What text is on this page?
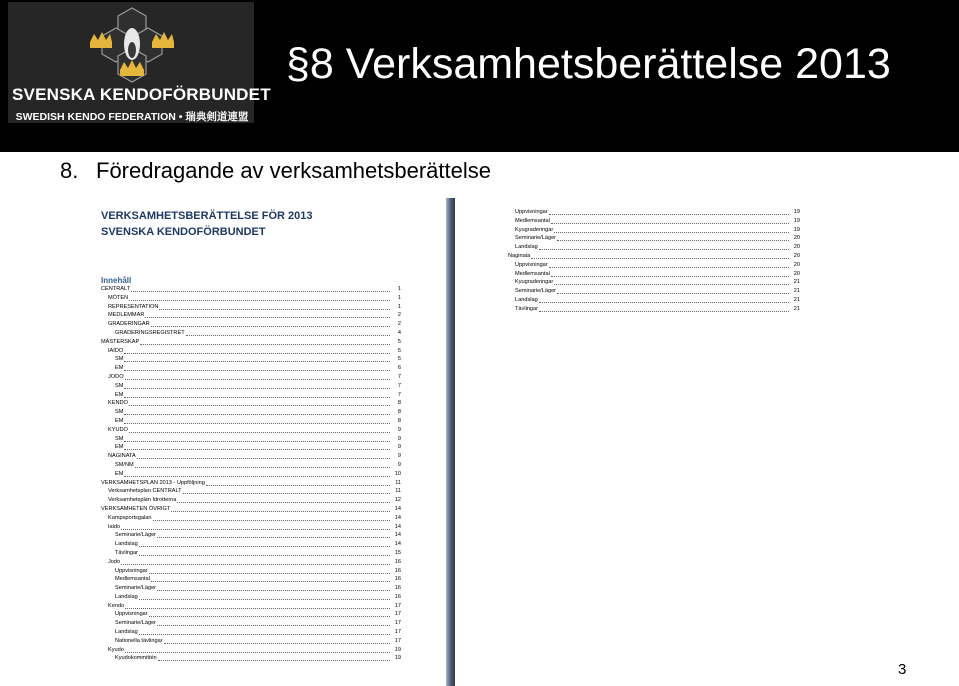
SVENSKA KENDOFÖRBUNDET
SWEDISH KENDO FEDERATION • 瑞典剣道連盟
§8 Verksamhetsberättelse 2013
8. Föredragande av verksamhetsberättelse
VERKSAMHETSBERÄTTELSE FÖR 2013
SVENSKA KENDOFÖRBUNDET
Innehåll
CENTRALT	1
MÖTEN	1
REPRESENTATION	1
MEDLEMMAR	2
GRADERINGAR	2
GRADERINGSREGISTRET	4
MÄSTERSKAP	5
IAIDO	5
SM	5
EM	6
JODO	7
SM	7
EM	7
KENDO	8
SM	8
EM	8
KYUDO	9
SM	9
EM	9
NAGINATA	9
SM/NM	9
EM	10
VERKSAMHETSPLAN 2013 - Uppföljning	11
Verksamhetsplan CENTRALT	11
Verksamhetsplan Idrotterna	12
VERKSAMHETEN ÖVRIGT	14
Kampsportsgalan	14
Iaido	14
Seminarie/Läger	14
Landslag	14
Tävlingar	15
Jodo	16
Uppvisningar	16
Medlemsantal	16
Seminarie/Läger	16
Landslag	16
Kendo	17
Uppvisningar	17
Seminarie/Läger	17
Landslag	17
Nationella tävlingar	17
Kyudo	19
Kyudokommittén	19
Uppvisningar	19
Medlemsantal	19
Kyugraderingar	19
Seminarie/Läger	20
Landslag	20
Naginata	20
Uppvisningar	20
Medlemsantal	20
Kyugraderingar	21
Seminarie/Läger	21
Landslag	21
Tävlingar	21
3
